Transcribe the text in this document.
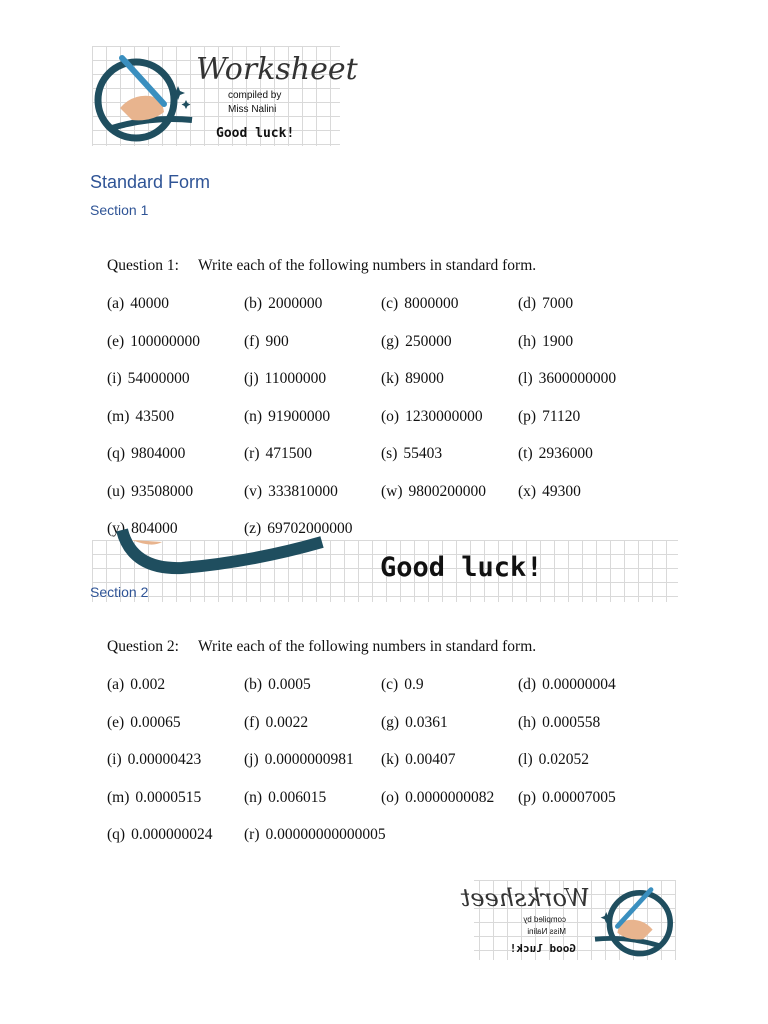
Worksheet
compiled by
Miss Nalini
Good luck!
Standard Form
Section 1
Question 1: Write each of the following numbers in standard form.
(a) 40000	(b) 2000000	(c) 8000000	(d) 7000
(e) 100000000	(f) 900	(g) 250000	(h) 1900
(i) 54000000	(j) 11000000	(k) 89000	(l) 3600000000
(m) 43500	(n) 91900000	(o) 1230000000	(p) 71120
(q) 9804000	(r) 471500	(s) 55403	(t) 2936000
(u) 93508000	(v) 333810000	(w) 9800200000	(x) 49300
(y) 804000	(z) 69702000000
Good luck!
Section 2
Question 2: Write each of the following numbers in standard form.
(a) 0.002	(b) 0.0005	(c) 0.9	(d) 0.00000004
(e) 0.00065	(f) 0.0022	(g) 0.0361	(h) 0.000558
(i) 0.00000423	(j) 0.0000000981	(k) 0.00407	(l) 0.02052
(m) 0.0000515	(n) 0.006015	(o) 0.0000000082	(p) 0.00007005
(q) 0.000000024	(r) 0.00000000000005
Worksheet
compiled by
Miss Nalini
Good luck!
